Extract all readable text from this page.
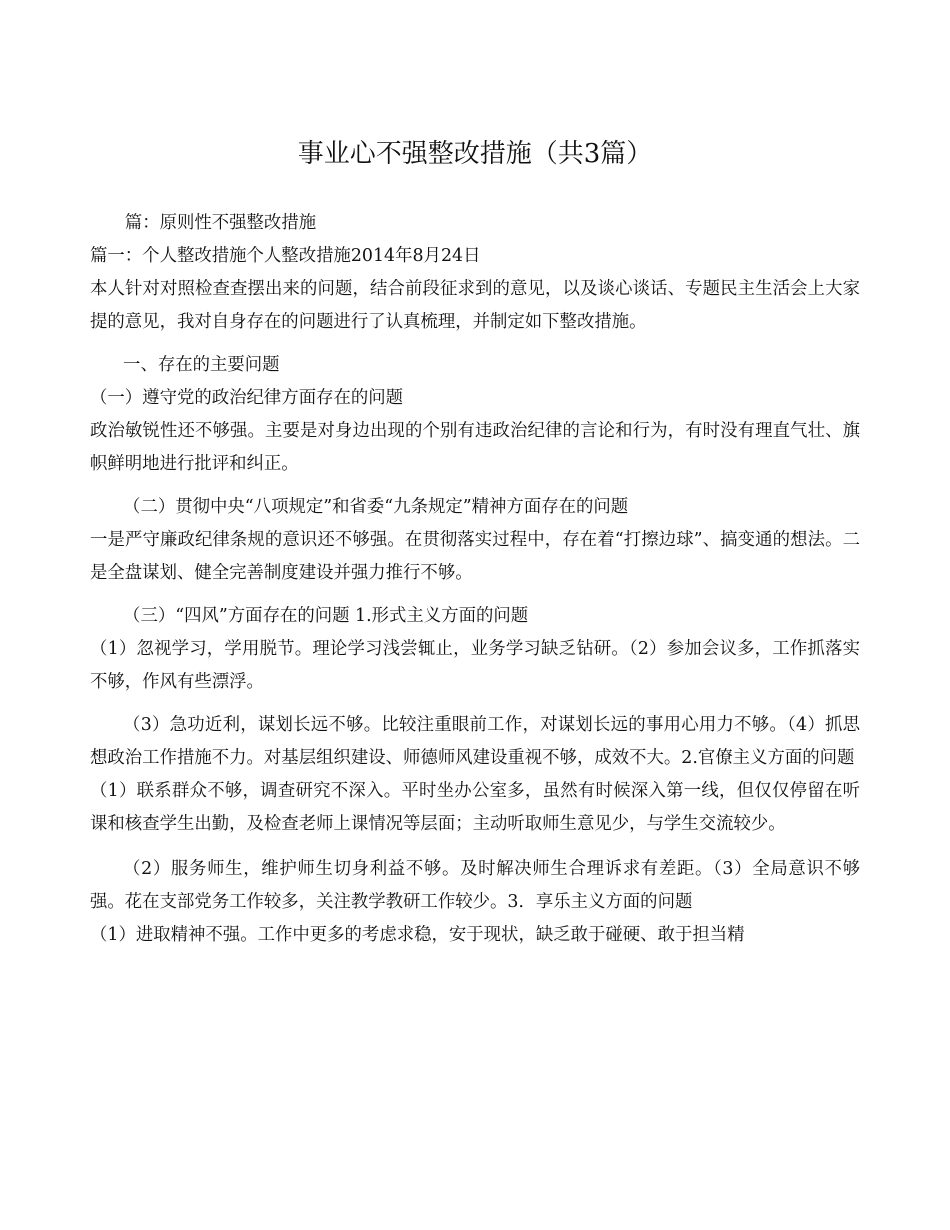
事业心不强整改措施（共3篇）

篇：原则性不强整改措施

篇一：个人整改措施个人整改措施2014年8月24日

本人针对对照检查查摆出来的问题，结合前段征求到的意见，以及谈心谈话、专题民主生活会上大家提的意见，我对自身存在的问题进行了认真梳理，并制定如下整改措施。

一、存在的主要问题

（一）遵守党的政治纪律方面存在的问题

政治敏锐性还不够强。主要是对身边出现的个别有违政治纪律的言论和行为，有时没有理直气壮、旗帜鲜明地进行批评和纠正。

（二）贯彻中央“八项规定”和省委“九条规定”精神方面存在的问题

一是严守廉政纪律条规的意识还不够强。在贯彻落实过程中，存在着“打擦边球”、搞变通的想法。二是全盘谋划、健全完善制度建设并强力推行不够。

（三）“四风”方面存在的问题 1.形式主义方面的问题

（1）忽视学习，学用脱节。理论学习浅尝辄止，业务学习缺乏钻研。（2）参加会议多，工作抓落实不够，作风有些漂浮。

（3）急功近利，谋划长远不够。比较注重眼前工作，对谋划长远的事用心用力不够。（4）抓思想政治工作措施不力。对基层组织建设、师德师风建设重视不够，成效不大。2.官僚主义方面的问题

（1）联系群众不够，调查研究不深入。平时坐办公室多，虽然有时候深入第一线，但仅仅停留在听课和核查学生出勤，及检查老师上课情况等层面；主动听取师生意见少，与学生交流较少。

（2）服务师生，维护师生切身利益不够。及时解决师生合理诉求有差距。（3）全局意识不够强。花在支部党务工作较多，关注教学教研工作较少。3．享乐主义方面的问题

（1）进取精神不强。工作中更多的考虑求稳，安于现状，缺乏敢于碰硬、敢于担当精
